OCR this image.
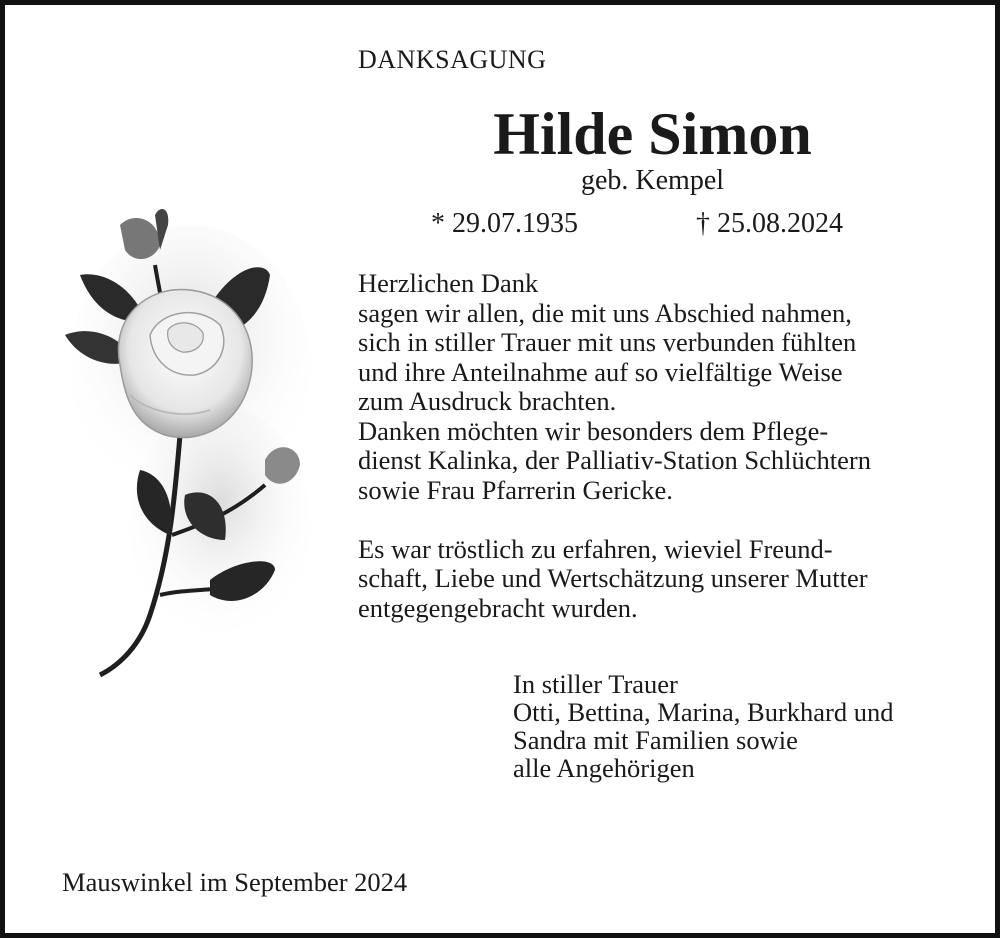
DANKSAGUNG
Hilde Simon
geb. Kempel
* 29.07.1935	† 25.08.2024
Herzlichen Dank
sagen wir allen, die mit uns Abschied nahmen,
sich in stiller Trauer mit uns verbunden fühlten
und ihre Anteilnahme auf so vielfältige Weise
zum Ausdruck brachten.
Danken möchten wir besonders dem Pflege-
dienst Kalinka, der Palliativ-Station Schlüchtern
sowie Frau Pfarrerin Gericke.
Es war tröstlich zu erfahren, wieviel Freund-
schaft, Liebe und Wertschätzung unserer Mutter
entgegengebracht wurden.
In stiller Trauer
Otti, Bettina, Marina, Burkhard und
Sandra mit Familien sowie
alle Angehörigen
Mauswinkel im September 2024
